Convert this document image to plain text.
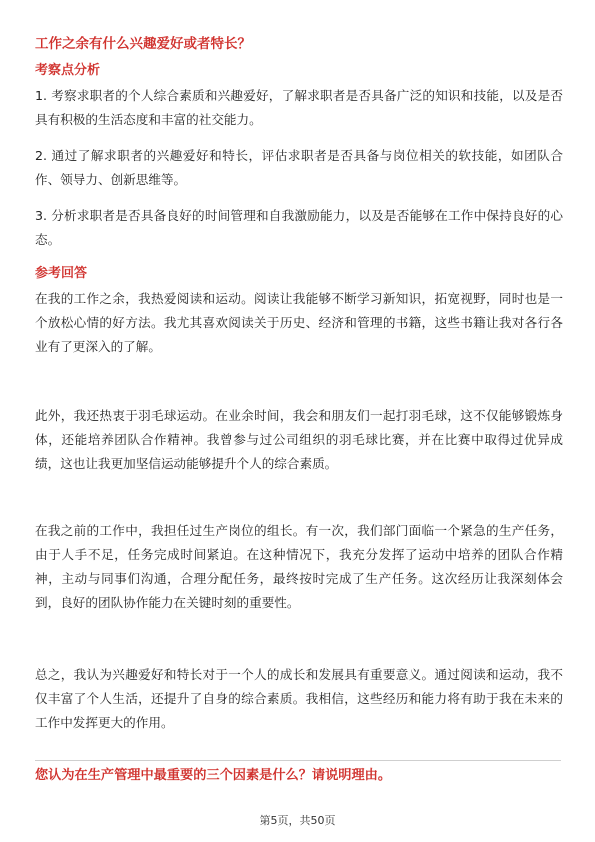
工作之余有什么兴趣爱好或者特长？
考察点分析

1. 考察求职者的个人综合素质和兴趣爱好，了解求职者是否具备广泛的知识和技能，以及是否具有积极的生活态度和丰富的社交能力。

2. 通过了解求职者的兴趣爱好和特长，评估求职者是否具备与岗位相关的软技能，如团队合作、领导力、创新思维等。

3. 分析求职者是否具备良好的时间管理和自我激励能力，以及是否能够在工作中保持良好的心态。

参考回答

在我的工作之余，我热爱阅读和运动。阅读让我能够不断学习新知识，拓宽视野，同时也是一个放松心情的好方法。我尤其喜欢阅读关于历史、经济和管理的书籍，这些书籍让我对各行各业有了更深入的了解。

此外，我还热衷于羽毛球运动。在业余时间，我会和朋友们一起打羽毛球，这不仅能够锻炼身体，还能培养团队合作精神。我曾参与过公司组织的羽毛球比赛，并在比赛中取得过优异成绩，这也让我更加坚信运动能够提升个人的综合素质。

在我之前的工作中，我担任过生产岗位的组长。有一次，我们部门面临一个紧急的生产任务，由于人手不足，任务完成时间紧迫。在这种情况下，我充分发挥了运动中培养的团队合作精神，主动与同事们沟通，合理分配任务，最终按时完成了生产任务。这次经历让我深刻体会到，良好的团队协作能力在关键时刻的重要性。

总之，我认为兴趣爱好和特长对于一个人的成长和发展具有重要意义。通过阅读和运动，我不仅丰富了个人生活，还提升了自身的综合素质。我相信，这些经历和能力将有助于我在未来的工作中发挥更大的作用。

您认为在生产管理中最重要的三个因素是什么？请说明理由。
第5页，共50页
